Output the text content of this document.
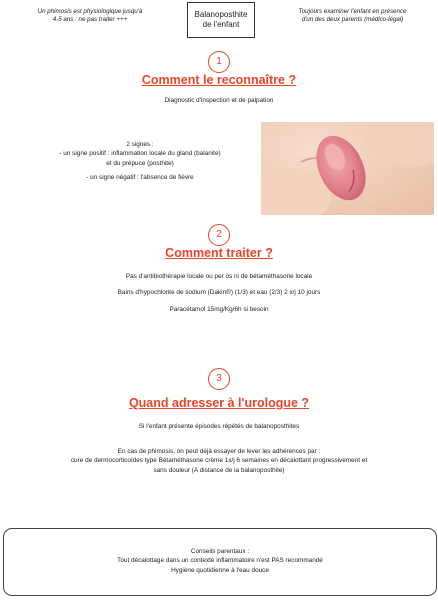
Un phimosis est physiologique jusqu'à
4-5 ans : ne pas traiter +++
Balanoposthite
de l'enfant
Toujours examiner l'enfant en présence
d'un des deux parents (médico-légal)
1
Comment le reconnaître ?
Diagnostic d'inspection et de palpation
2 signes :
- un signe positif : inflammation locale du gland (balanite)
et du prépuce (posthite)
- un signe négatif : l'absence de fièvre
2
Comment traiter ?
Pas d'antibiothérapie locale ou per os ni de bétaméthasone locale
Bains d'hypochlorite de sodium (Dakin®) (1/3) et eau (2/3) 2 x/j 10 jours
Paracétamol 15mg/Kg/6h si besoin
3
Quand adresser à l'urologue ?
Si l'enfant présente épisodes répétés de balanoposthites
En cas de phimosis, on peut déjà essayer de lever les adhérences par :
cure de dermocorticoïdes type Bétaméthasone crème 1x/j 6 semaines en décalottant progressivement et
sans douleur (A distance de la balanoposthite)
Conseils parentaux :
Tout décalottage dans un contexte inflammatoire n'est PAS recommandé
Hygiène quotidienne à l'eau douce
